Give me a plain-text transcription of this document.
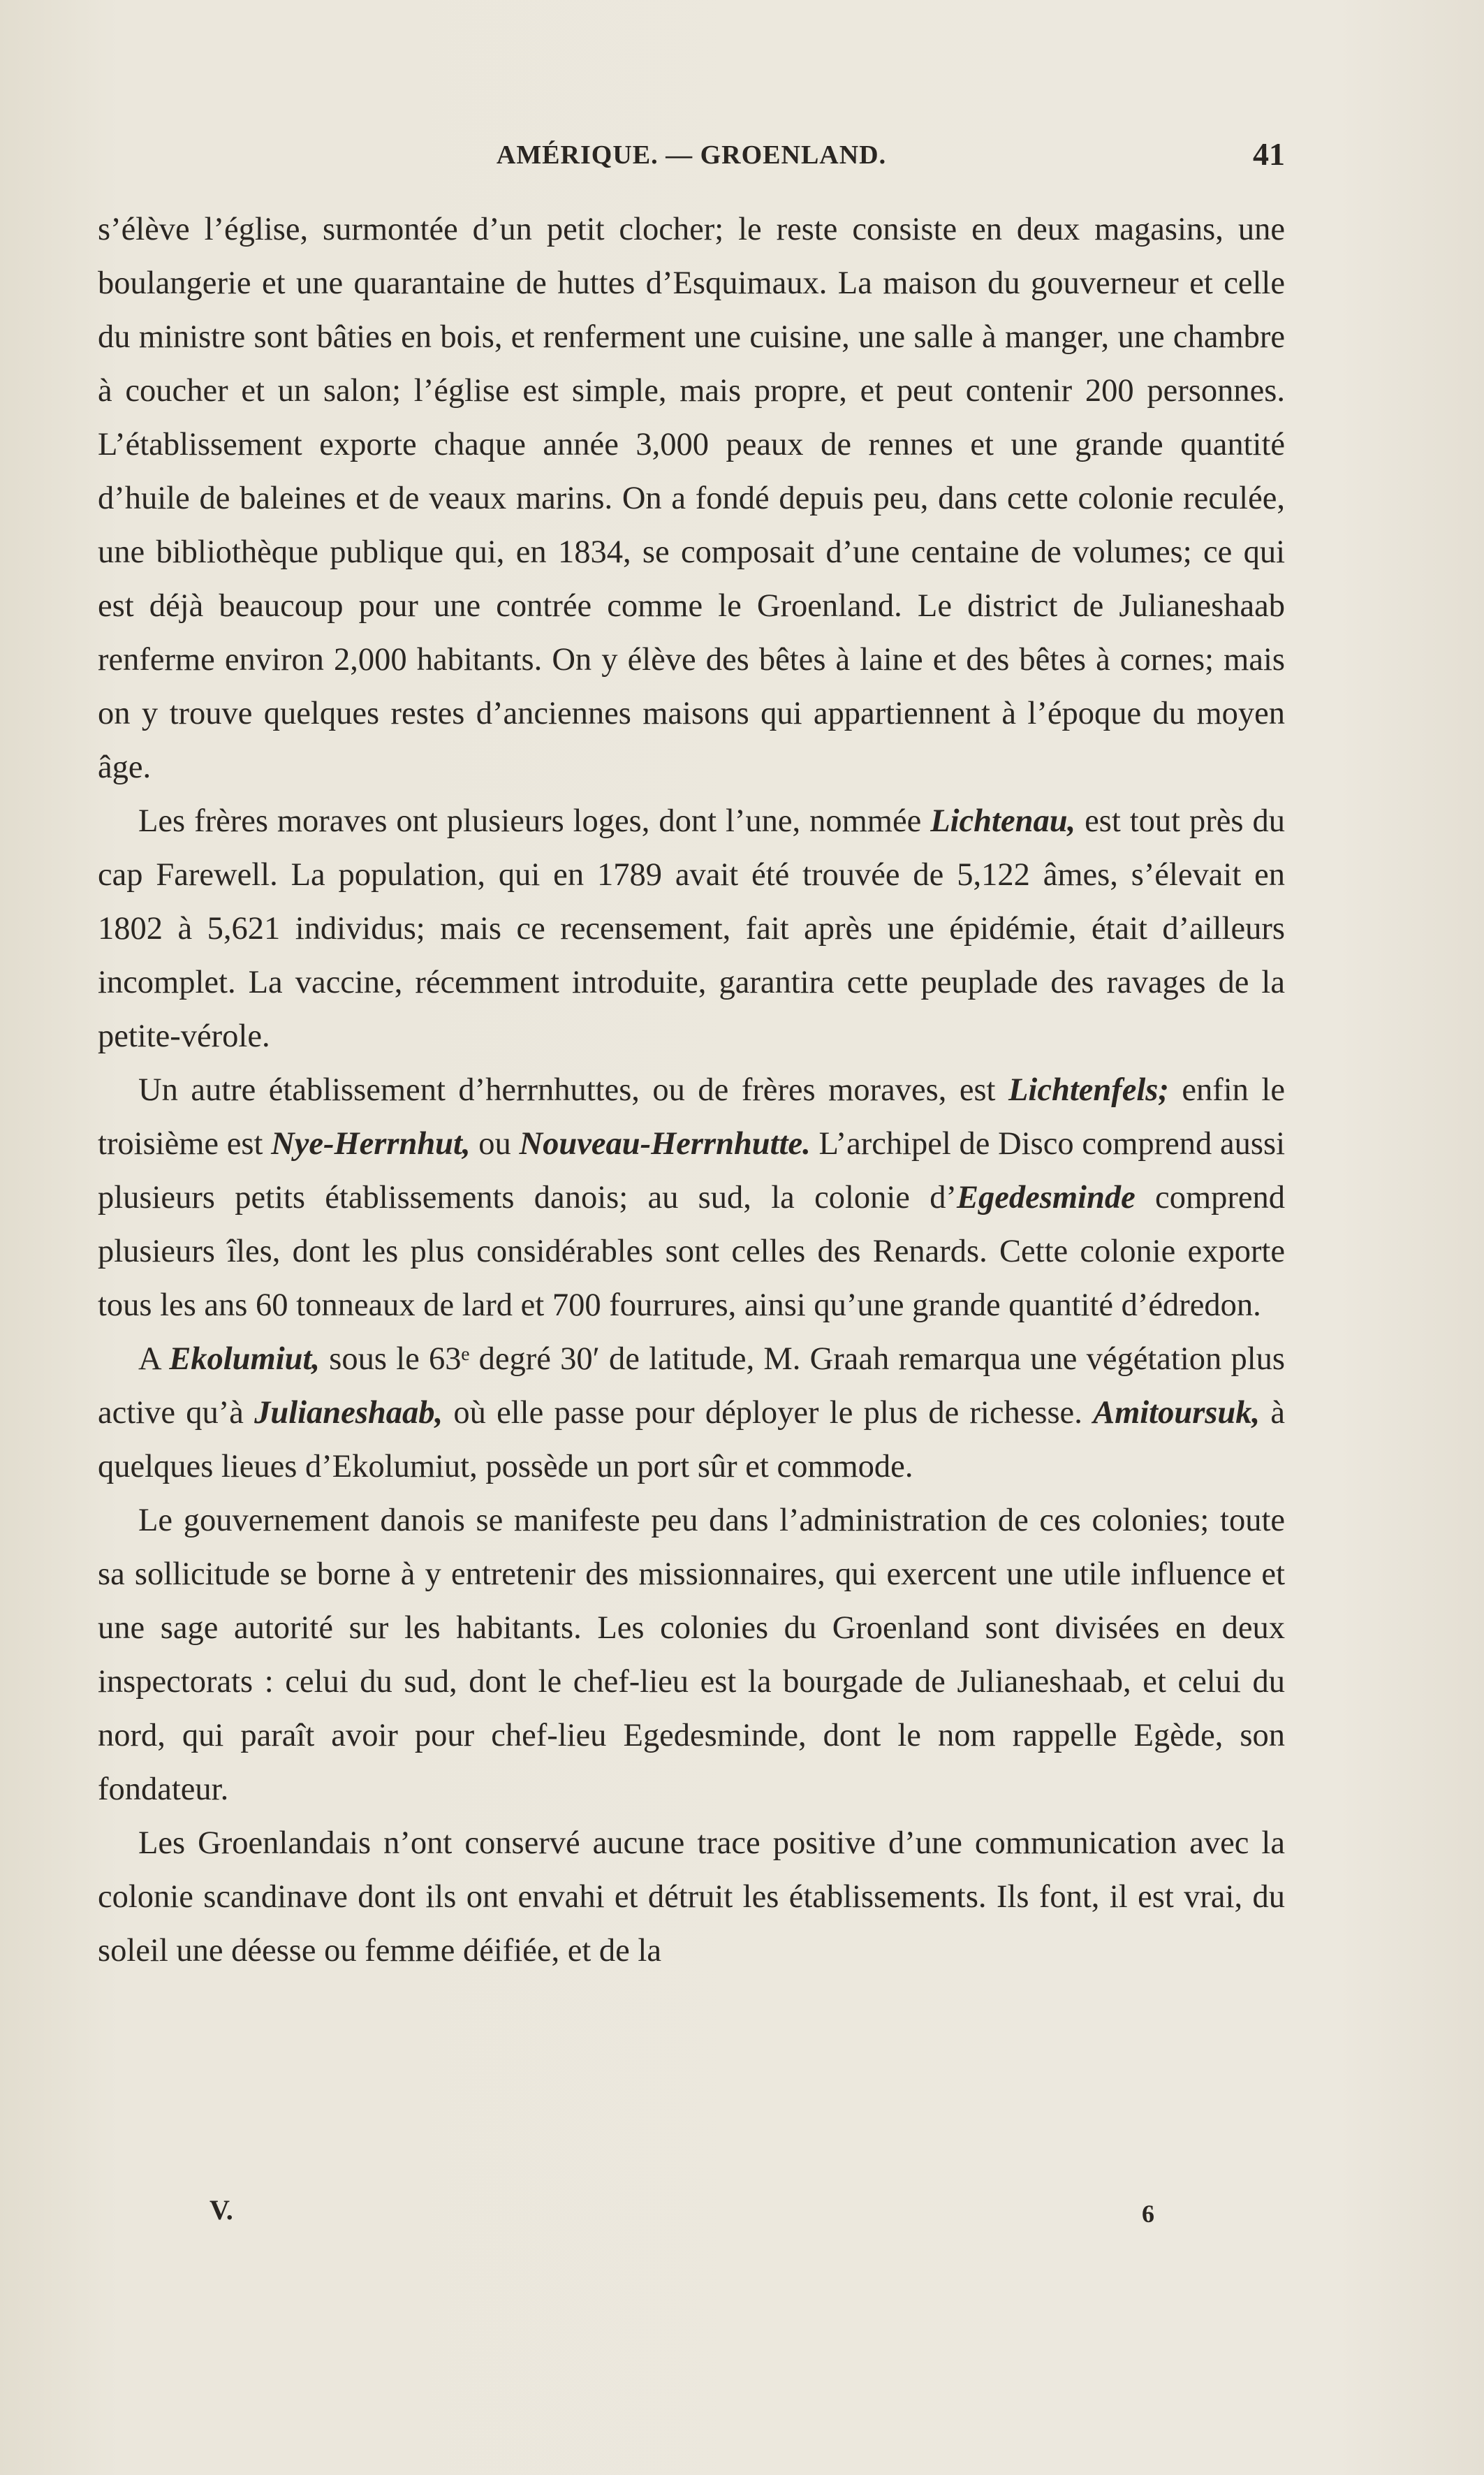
AMÉRIQUE. — GROENLAND.	41

s’élève l’église, surmontée d’un petit clocher; le reste consiste en deux magasins, une boulangerie et une quarantaine de huttes d’Esquimaux. La maison du gouverneur et celle du ministre sont bâties en bois, et renferment une cuisine, une salle à manger, une chambre à coucher et un salon; l’église est simple, mais propre, et peut contenir 200 personnes. L’établissement exporte chaque année 3,000 peaux de rennes et une grande quantité d’huile de baleines et de veaux marins. On a fondé depuis peu, dans cette colonie reculée, une bibliothèque publique qui, en 1834, se composait d’une centaine de volumes; ce qui est déjà beaucoup pour une contrée comme le Groenland. Le district de Julianeshaab renferme environ 2,000 habitants. On y élève des bêtes à laine et des bêtes à cornes; mais on y trouve quelques restes d’anciennes maisons qui appartiennent à l’époque du moyen âge.

Les frères moraves ont plusieurs loges, dont l’une, nommée Lichtenau, est tout près du cap Farewell. La population, qui en 1789 avait été trouvée de 5,122 âmes, s’élevait en 1802 à 5,621 individus; mais ce recensement, fait après une épidémie, était d’ailleurs incomplet. La vaccine, récemment introduite, garantira cette peuplade des ravages de la petite-vérole.

Un autre établissement d’herrnhuttes, ou de frères moraves, est Lichtenfels; enfin le troisième est Nye-Herrnhut, ou Nouveau-Herrnhutte. L’archipel de Disco comprend aussi plusieurs petits établissements danois; au sud, la colonie d’Egedesminde comprend plusieurs îles, dont les plus considérables sont celles des Renards. Cette colonie exporte tous les ans 60 tonneaux de lard et 700 fourrures, ainsi qu’une grande quantité d’édredon.

A Ekolumiut, sous le 63ᵉ degré 30′ de latitude, M. Graah remarqua une végétation plus active qu’à Julianeshaab, où elle passe pour déployer le plus de richesse. Amitoursuk, à quelques lieues d’Ekolumiut, possède un port sûr et commode.

Le gouvernement danois se manifeste peu dans l’administration de ces colonies; toute sa sollicitude se borne à y entretenir des missionnaires, qui exercent une utile influence et une sage autorité sur les habitants. Les colonies du Groenland sont divisées en deux inspectorats : celui du sud, dont le chef-lieu est la bourgade de Julianeshaab, et celui du nord, qui paraît avoir pour chef-lieu Egedesminde, dont le nom rappelle Egède, son fondateur.

Les Groenlandais n’ont conservé aucune trace positive d’une communication avec la colonie scandinave dont ils ont envahi et détruit les établissements. Ils font, il est vrai, du soleil une déesse ou femme déifiée, et de la

V.	6
